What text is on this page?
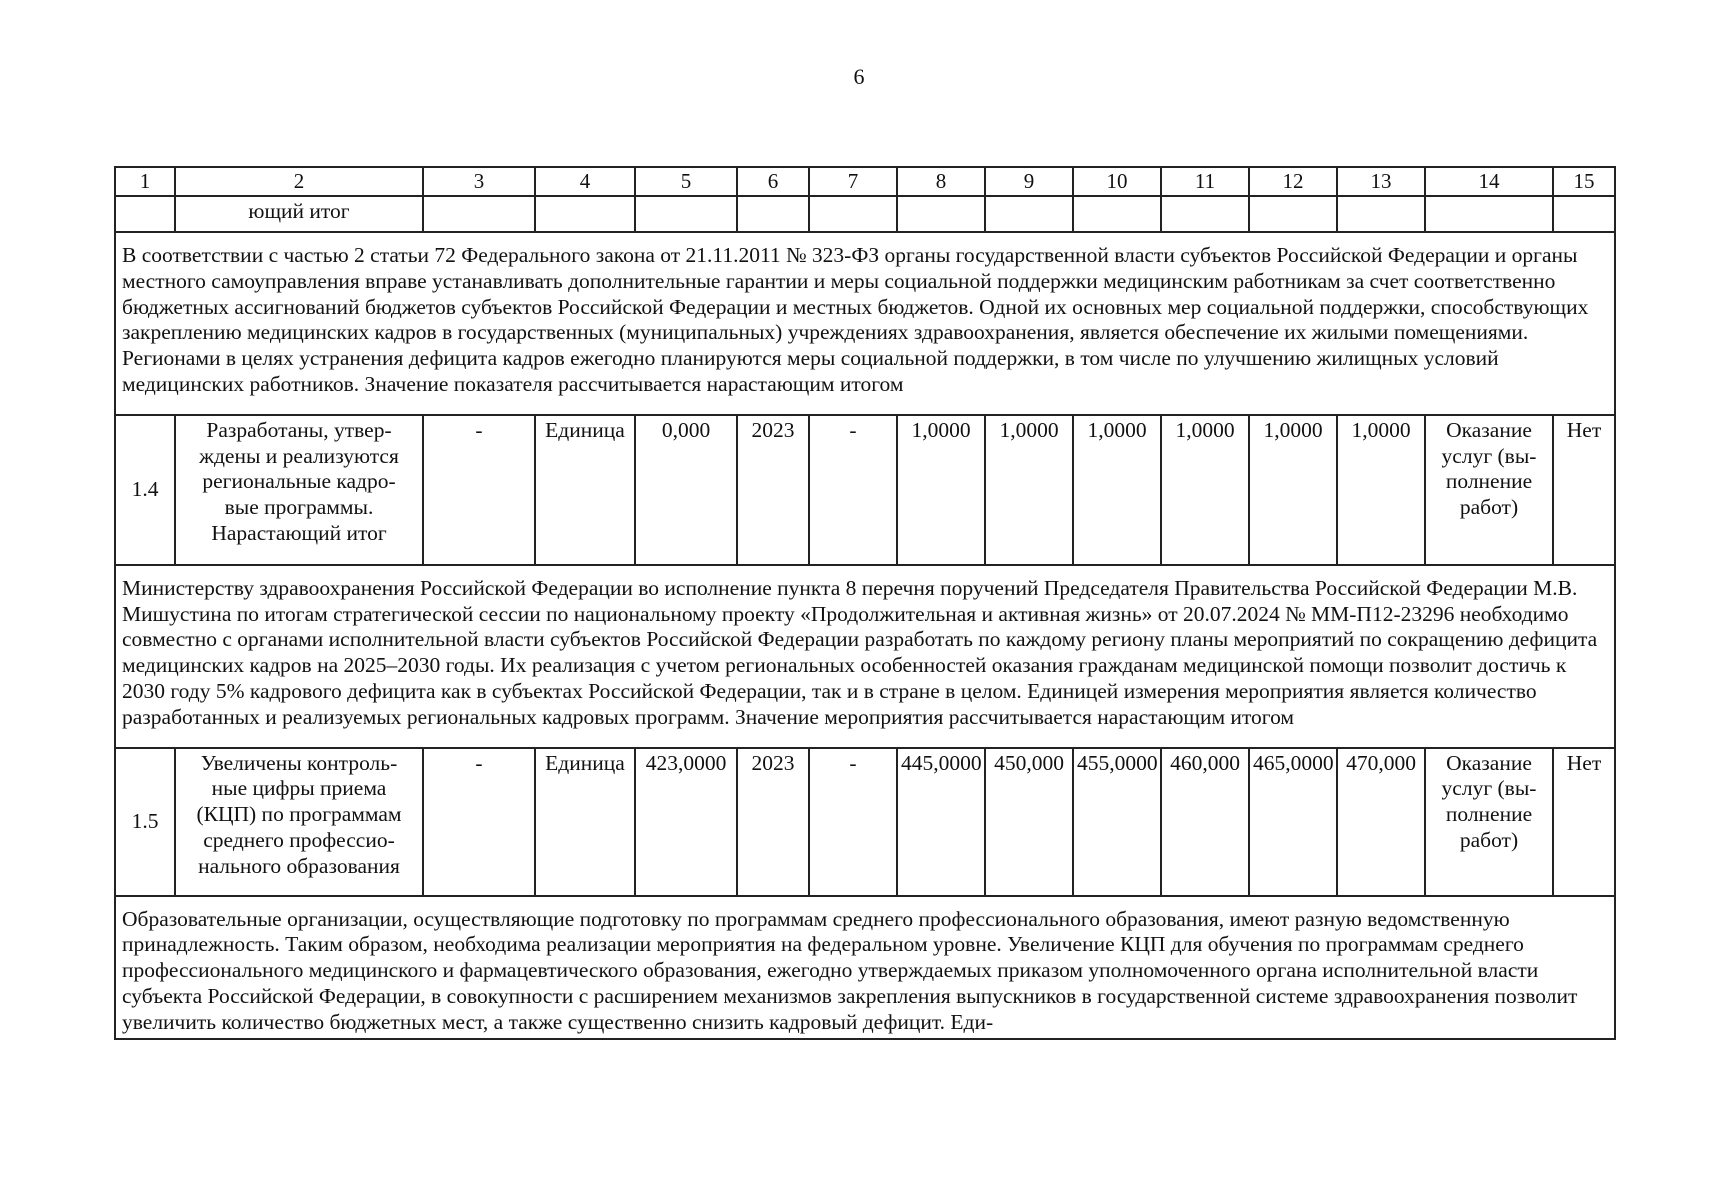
6
1	2	3	4	5	6	7	8	9	10	11	12	13	14	15
	ющий итог													
В соответствии с частью 2 статьи 72 Федерального закона от 21.11.2011 № 323-ФЗ органы государственной власти субъектов Российской Федерации и органы местного самоуправления вправе устанавливать дополнительные гарантии и меры социальной поддержки медицинским работникам за счет соответственно бюджетных ассигнований бюджетов субъектов Российской Федерации и местных бюджетов. Одной их основных мер социальной поддержки, способствующих закреплению медицинских кадров в государственных (муниципальных) учреждениях здравоохранения, является обеспечение их жилыми помещениями. Регионами в целях устранения дефицита кадров ежегодно планируются меры социальной поддержки, в том числе по улучшению жилищных условий медицинских работников. Значение показателя рассчитывается нарастающим итогом														
1.4	Разработаны, утвер-
ждены и реализуются
региональные кадро-
вые программы.
Нарастающий итог	-	Единица	0,000	2023	-	1,0000	1,0000	1,0000	1,0000	1,0000	1,0000	Оказание
услуг (вы-
полнение
работ)	Нет
Министерству здравоохранения Российской Федерации во исполнение пункта 8 перечня поручений Председателя Правительства Российской Федерации М.В. Мишустина по итогам стратегической сессии по национальному проекту «Продолжительная и активная жизнь» от 20.07.2024 № ММ-П12-23296 необходимо совместно с органами исполнительной власти субъектов Российской Федерации разработать по каждому региону планы мероприятий по сокращению дефицита медицинских кадров на 2025–2030 годы. Их реализация с учетом региональных особенностей оказания гражданам медицинской помощи позволит достичь к 2030 году 5% кадрового дефицита как в субъектах Российской Федерации, так и в стране в целом. Единицей измерения мероприятия является количество разработанных и реализуемых региональных кадровых программ. Значение мероприятия рассчитывается нарастающим итогом														
1.5	Увеличены контроль-
ные цифры приема
(КЦП) по программам
среднего профессио-
нального образования	-	Единица	423,0000	2023	-	445,0000	450,000	455,0000	460,000	465,0000	470,000	Оказание
услуг (вы-
полнение
работ)	Нет
Образовательные организации, осуществляющие подготовку по программам среднего профессионального образования, имеют разную ведомственную принадлежность. Таким образом, необходима реализации мероприятия на федеральном уровне. Увеличение КЦП для обучения по программам среднего профессионального медицинского и фармацевтического образования, ежегодно утверждаемых приказом уполномоченного органа исполнительной власти субъекта Российской Федерации, в совокупности с расширением механизмов закрепления выпускников в государственной системе здравоохранения позволит увеличить количество бюджетных мест, а также существенно снизить кадровый дефицит. Еди-														
